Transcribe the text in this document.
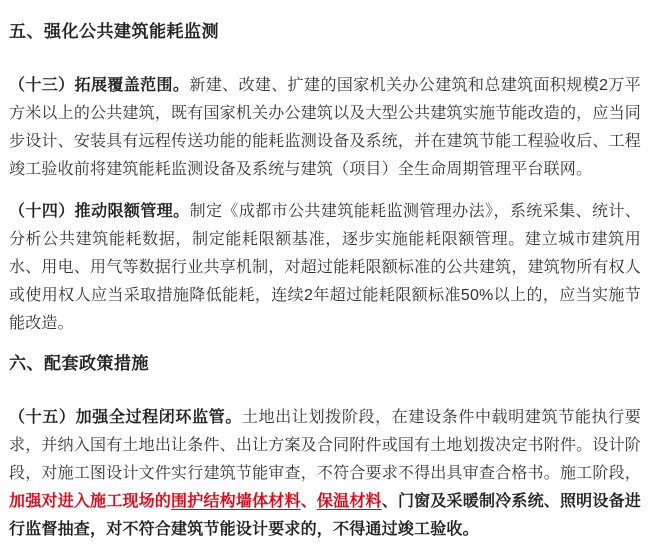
五、强化公共建筑能耗监测

（十三）拓展覆盖范围。新建、改建、扩建的国家机关办公建筑和总建筑面积规模2万平方米以上的公共建筑，既有国家机关办公建筑以及大型公共建筑实施节能改造的，应当同步设计、安装具有远程传送功能的能耗监测设备及系统，并在建筑节能工程验收后、工程竣工验收前将建筑能耗监测设备及系统与建筑（项目）全生命周期管理平台联网。

（十四）推动限额管理。制定《成都市公共建筑能耗监测管理办法》，系统采集、统计、分析公共建筑能耗数据，制定能耗限额基准，逐步实施能耗限额管理。建立城市建筑用水、用电、用气等数据行业共享机制，对超过能耗限额标准的公共建筑，建筑物所有权人或使用权人应当采取措施降低能耗，连续2年超过能耗限额标准50%以上的，应当实施节能改造。

六、配套政策措施

（十五）加强全过程闭环监管。土地出让划拨阶段，在建设条件中载明建筑节能执行要求，并纳入国有土地出让条件、出让方案及合同附件或国有土地划拨决定书附件。设计阶段，对施工图设计文件实行建筑节能审查，不符合要求不得出具审查合格书。施工阶段，加强对进入施工现场的围护结构墙体材料、保温材料、门窗及采暖制冷系统、照明设备进行监督抽查，对不符合建筑节能设计要求的，不得通过竣工验收。
